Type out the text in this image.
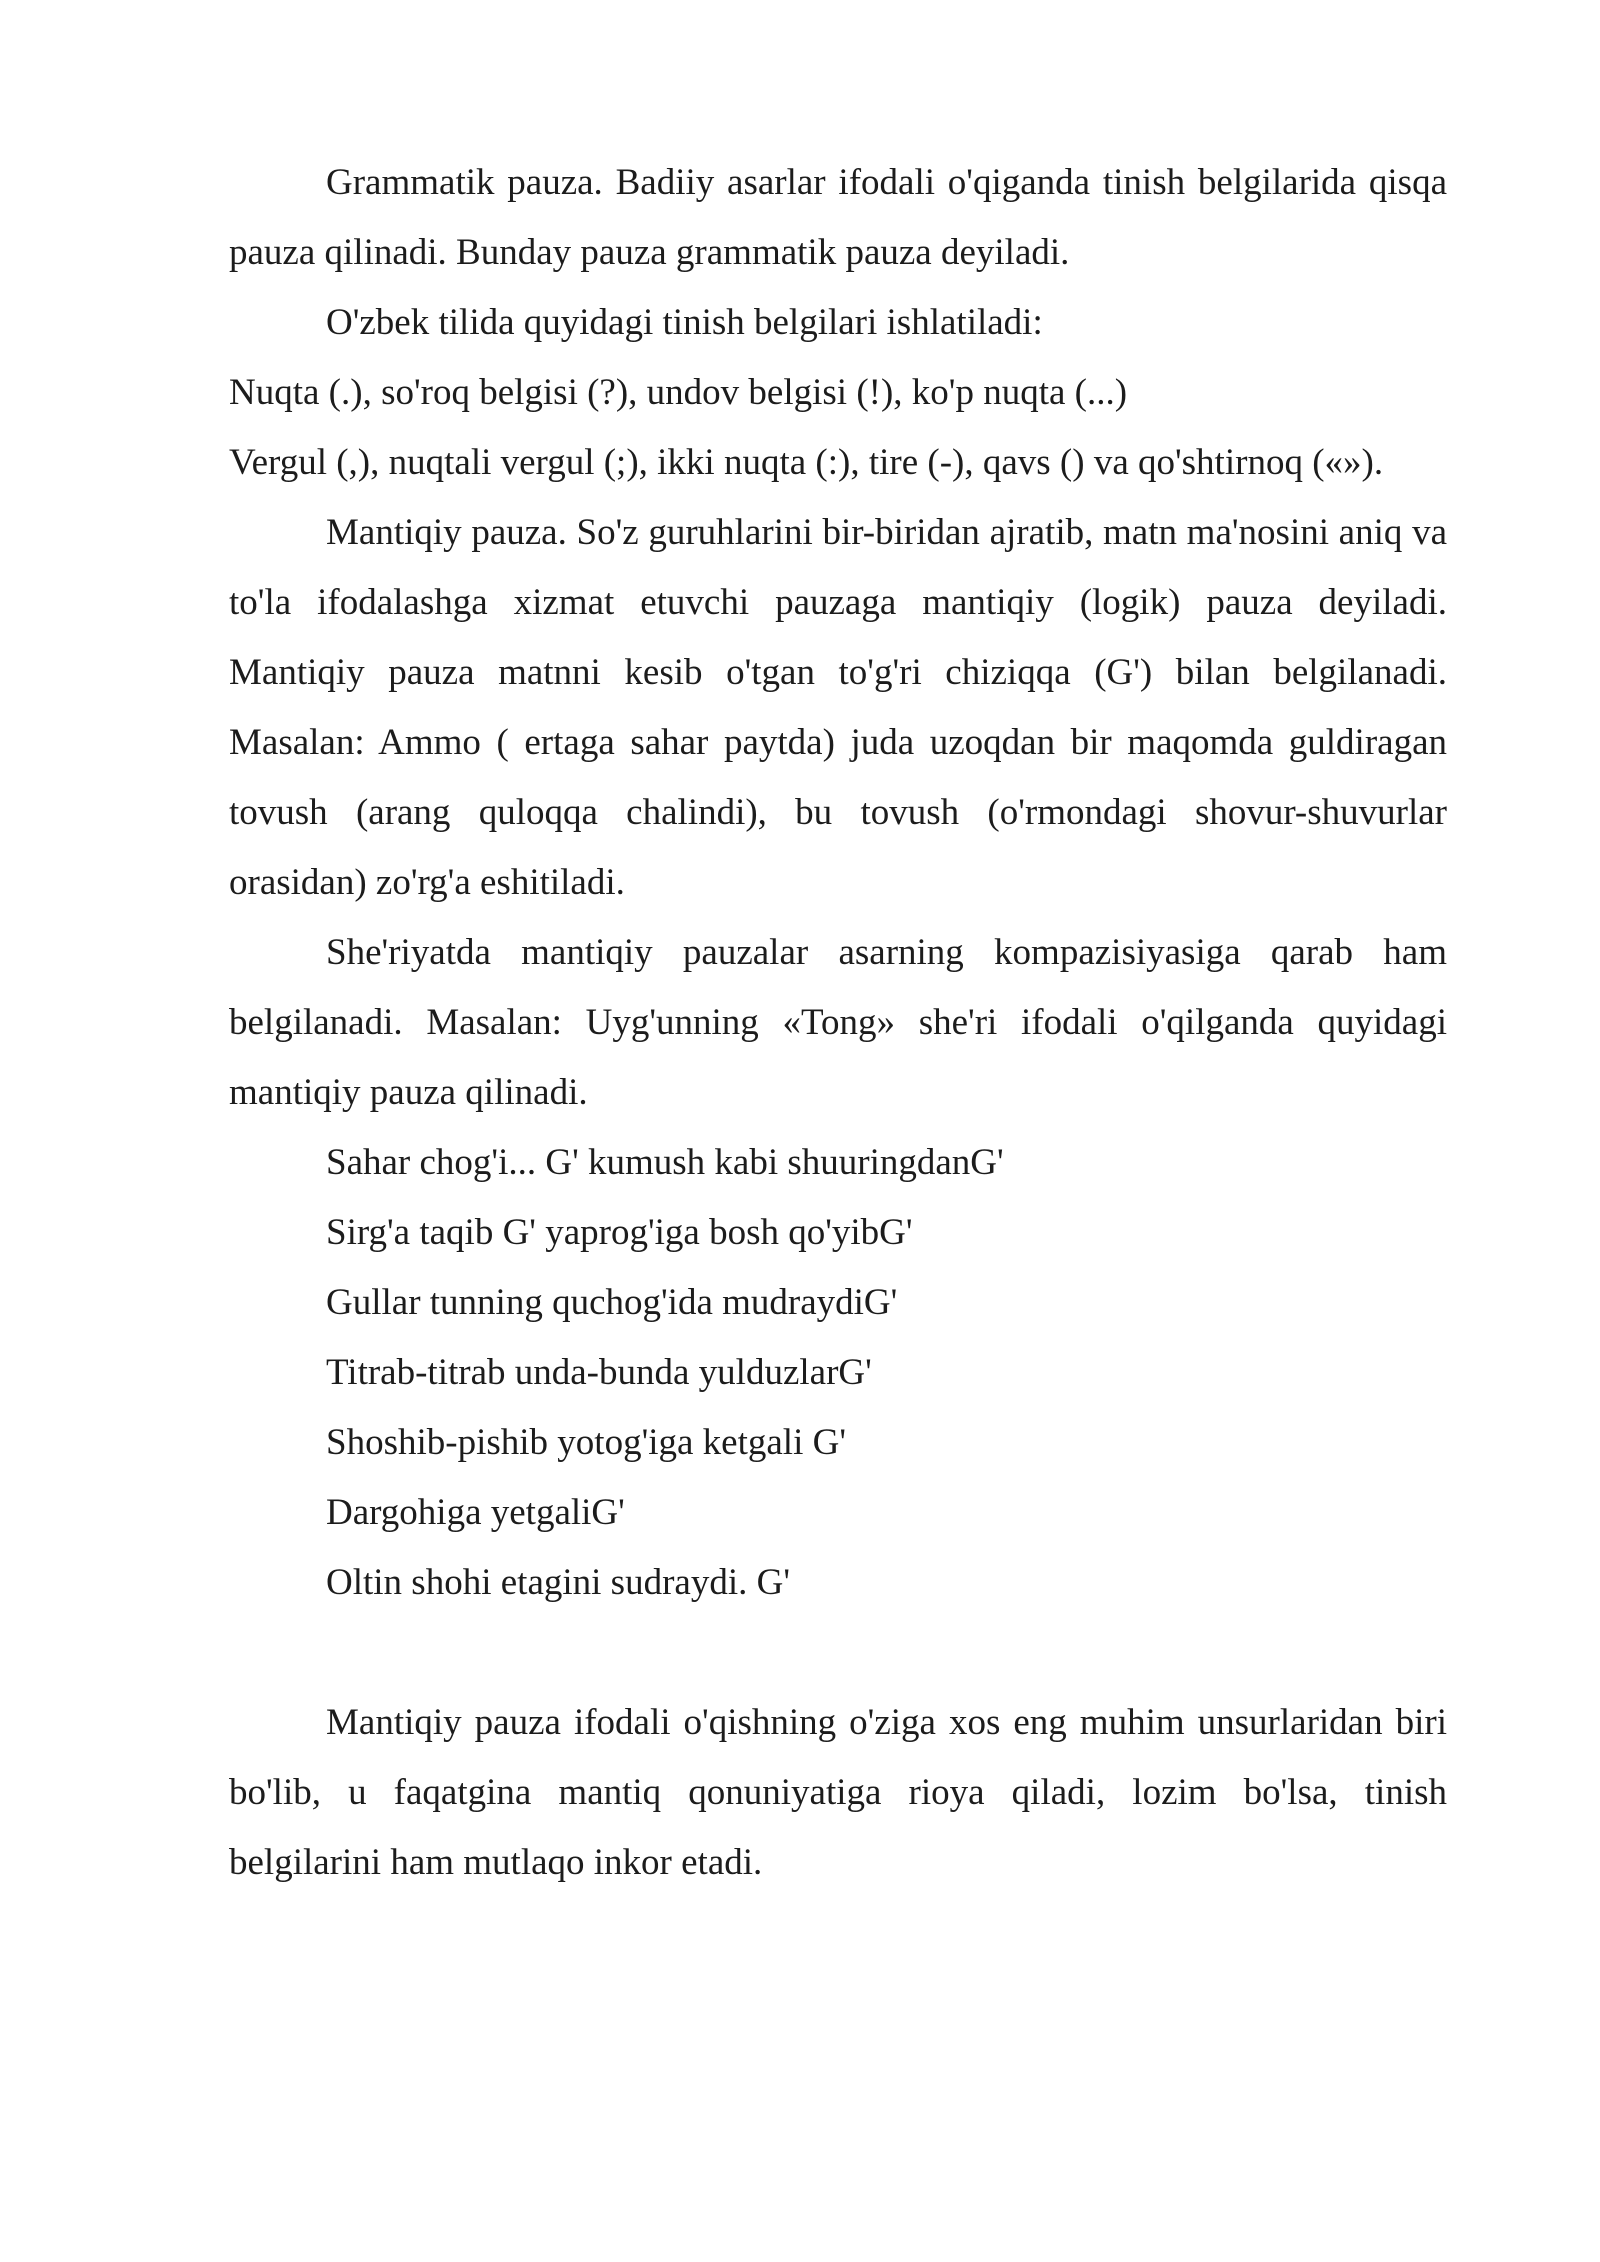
Grammatik pauza. Badiiy asarlar ifodali o'qiganda tinish belgilarida qisqa pauza qilinadi. Bunday pauza grammatik pauza deyiladi.

O'zbek tilida quyidagi tinish belgilari ishlatiladi:

Nuqta (.), so'roq belgisi (?), undov belgisi (!), ko'p nuqta (...)

Vergul (,), nuqtali vergul (;), ikki nuqta (:), tire (-), qavs () va qo'shtirnoq («»).

Mantiqiy pauza. So'z guruhlarini bir-biridan ajratib, matn ma'nosini aniq va to'la ifodalashga xizmat etuvchi pauzaga mantiqiy (logik) pauza deyiladi. Mantiqiy pauza matnni kesib o'tgan to'g'ri chiziqqa (G') bilan belgilanadi. Masalan: Ammo ( ertaga sahar paytda) juda uzoqdan bir maqomda guldiragan tovush (arang quloqqa chalindi), bu tovush (o'rmondagi shovur-shuvurlar orasidan) zo'rg'a eshitiladi.

She'riyatda mantiqiy pauzalar asarning kompazisiyasiga qarab ham belgilanadi. Masalan: Uyg'unning «Tong» she'ri ifodali o'qilganda quyidagi mantiqiy pauza qilinadi.

Sahar chog'i... G' kumush kabi shuuringdanG'

Sirg'a taqib G' yaprog'iga bosh qo'yibG'

Gullar tunning quchog'ida mudraydiG'

Titrab-titrab unda-bunda yulduzlarG'

Shoshib-pishib yotog'iga ketgali G'

Dargohiga yetgaliG'

Oltin shohi etagini sudraydi. G'

Mantiqiy pauza ifodali o'qishning o'ziga xos eng muhim unsurlaridan biri bo'lib, u faqatgina mantiq qonuniyatiga rioya qiladi, lozim bo'lsa, tinish belgilarini ham mutlaqo inkor etadi.
